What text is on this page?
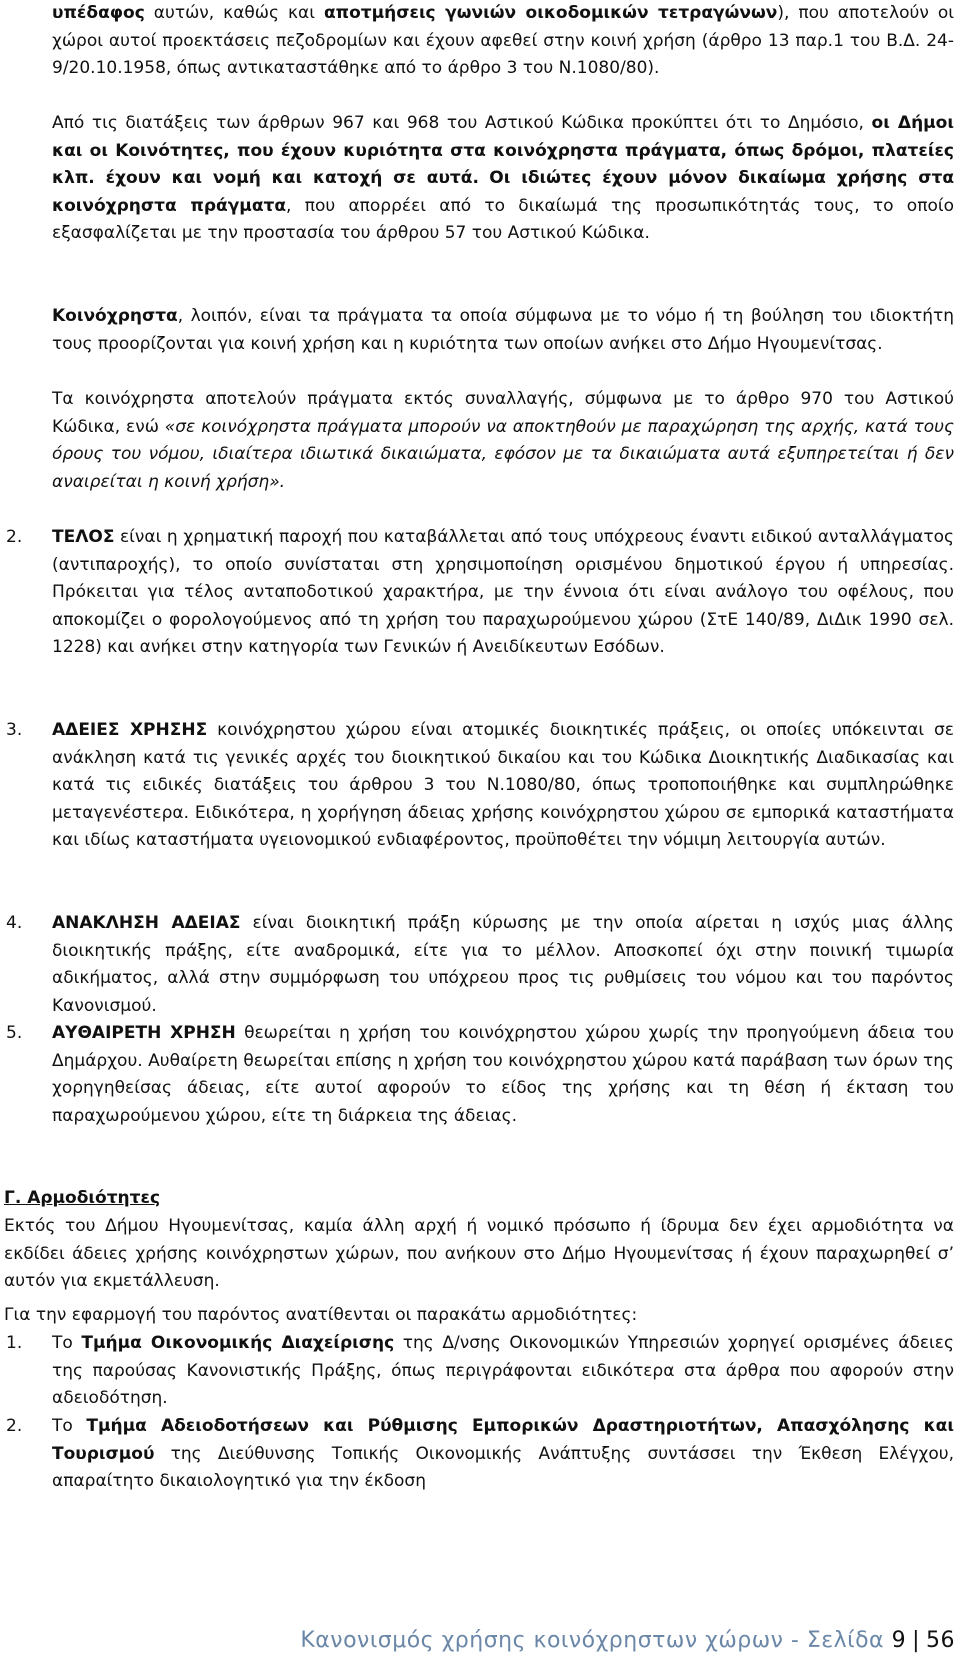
υπέδαφος αυτών, καθώς και αποτμήσεις γωνιών οικοδομικών τετραγώνων), που αποτελούν οι χώροι αυτοί προεκτάσεις πεζοδρομίων και έχουν αφεθεί στην κοινή χρήση (άρθρο 13 παρ.1 του Β.Δ. 24-9/20.10.1958, όπως αντικαταστάθηκε από το άρθρο 3 του Ν.1080/80).

Από τις διατάξεις των άρθρων 967 και 968 του Αστικού Κώδικα προκύπτει ότι το Δημόσιο, οι Δήμοι και οι Κοινότητες, που έχουν κυριότητα στα κοινόχρηστα πράγματα, όπως δρόμοι, πλατείες κλπ. έχουν και νομή και κατοχή σε αυτά. Οι ιδιώτες έχουν μόνον δικαίωμα χρήσης στα κοινόχρηστα πράγματα, που απορρέει από το δικαίωμά της προσωπικότητάς τους, το οποίο εξασφαλίζεται με την προστασία του άρθρου 57 του Αστικού Κώδικα.

Κοινόχρηστα, λοιπόν, είναι τα πράγματα τα οποία σύμφωνα με το νόμο ή τη βούληση του ιδιοκτήτη τους προορίζονται για κοινή χρήση και η κυριότητα των οποίων ανήκει στο Δήμο Ηγουμενίτσας.

Τα κοινόχρηστα αποτελούν πράγματα εκτός συναλλαγής, σύμφωνα με το άρθρο 970 του Αστικού Κώδικα, ενώ «σε κοινόχρηστα πράγματα μπορούν να αποκτηθούν με παραχώρηση της αρχής, κατά τους όρους του νόμου, ιδιαίτερα ιδιωτικά δικαιώματα, εφόσον με τα δικαιώματα αυτά εξυπηρετείται ή δεν αναιρείται η κοινή χρήση».

2. ΤΕΛΟΣ είναι η χρηματική παροχή που καταβάλλεται από τους υπόχρεους έναντι ειδικού ανταλλάγματος (αντιπαροχής), το οποίο συνίσταται στη χρησιμοποίηση ορισμένου δημοτικού έργου ή υπηρεσίας. Πρόκειται για τέλος ανταποδοτικού χαρακτήρα, με την έννοια ότι είναι ανάλογο του οφέλους, που αποκομίζει ο φορολογούμενος από τη χρήση του παραχωρούμενου χώρου (ΣτΕ 140/89, ΔιΔικ 1990 σελ. 1228) και ανήκει στην κατηγορία των Γενικών ή Ανειδίκευτων Εσόδων.

3. ΑΔΕΙΕΣ ΧΡΗΣΗΣ κοινόχρηστου χώρου είναι ατομικές διοικητικές πράξεις, οι οποίες υπόκεινται σε ανάκληση κατά τις γενικές αρχές του διοικητικού δικαίου και του Κώδικα Διοικητικής Διαδικασίας και κατά τις ειδικές διατάξεις του άρθρου 3 του Ν.1080/80, όπως τροποποιήθηκε και συμπληρώθηκε μεταγενέστερα. Ειδικότερα, η χορήγηση άδειας χρήσης κοινόχρηστου χώρου σε εμπορικά καταστήματα και ιδίως καταστήματα υγειονομικού ενδιαφέροντος, προϋποθέτει την νόμιμη λειτουργία αυτών.

4. ΑΝΑΚΛΗΣΗ ΑΔΕΙΑΣ είναι διοικητική πράξη κύρωσης με την οποία αίρεται η ισχύς μιας άλλης διοικητικής πράξης, είτε αναδρομικά, είτε για το μέλλον. Αποσκοπεί όχι στην ποινική τιμωρία αδικήματος, αλλά στην συμμόρφωση του υπόχρεου προς τις ρυθμίσεις του νόμου και του παρόντος Κανονισμού.

5. ΑΥΘΑΙΡΕΤΗ ΧΡΗΣΗ θεωρείται η χρήση του κοινόχρηστου χώρου χωρίς την προηγούμενη άδεια του Δημάρχου. Αυθαίρετη θεωρείται επίσης η χρήση του κοινόχρηστου χώρου κατά παράβαση των όρων της χορηγηθείσας άδειας, είτε αυτοί αφορούν το είδος της χρήσης και τη θέση ή έκταση του παραχωρούμενου χώρου, είτε τη διάρκεια της άδειας.

Γ. Αρμοδιότητες

Εκτός του Δήμου Ηγουμενίτσας, καμία άλλη αρχή ή νομικό πρόσωπο ή ίδρυμα δεν έχει αρμοδιότητα να εκδίδει άδειες χρήσης κοινόχρηστων χώρων, που ανήκουν στο Δήμο Ηγουμενίτσας ή έχουν παραχωρηθεί σ’ αυτόν για εκμετάλλευση.

Για την εφαρμογή του παρόντος ανατίθενται οι παρακάτω αρμοδιότητες:

1. Το Τμήμα Οικονομικής Διαχείρισης της Δ/νσης Οικονομικών Υπηρεσιών χορηγεί ορισμένες άδειες της παρούσας Κανονιστικής Πράξης, όπως περιγράφονται ειδικότερα στα άρθρα που αφορούν στην αδειοδότηση.

2. Το Τμήμα Αδειοδοτήσεων και Ρύθμισης Εμπορικών Δραστηριοτήτων, Απασχόλησης και Τουρισμού της Διεύθυνσης Τοπικής Οικονομικής Ανάπτυξης συντάσσει την Έκθεση Ελέγχου, απαραίτητο δικαιολογητικό για την έκδοση

Κανονισμός χρήσης κοινόχρηστων χώρων - Σελίδα 9 | 56
